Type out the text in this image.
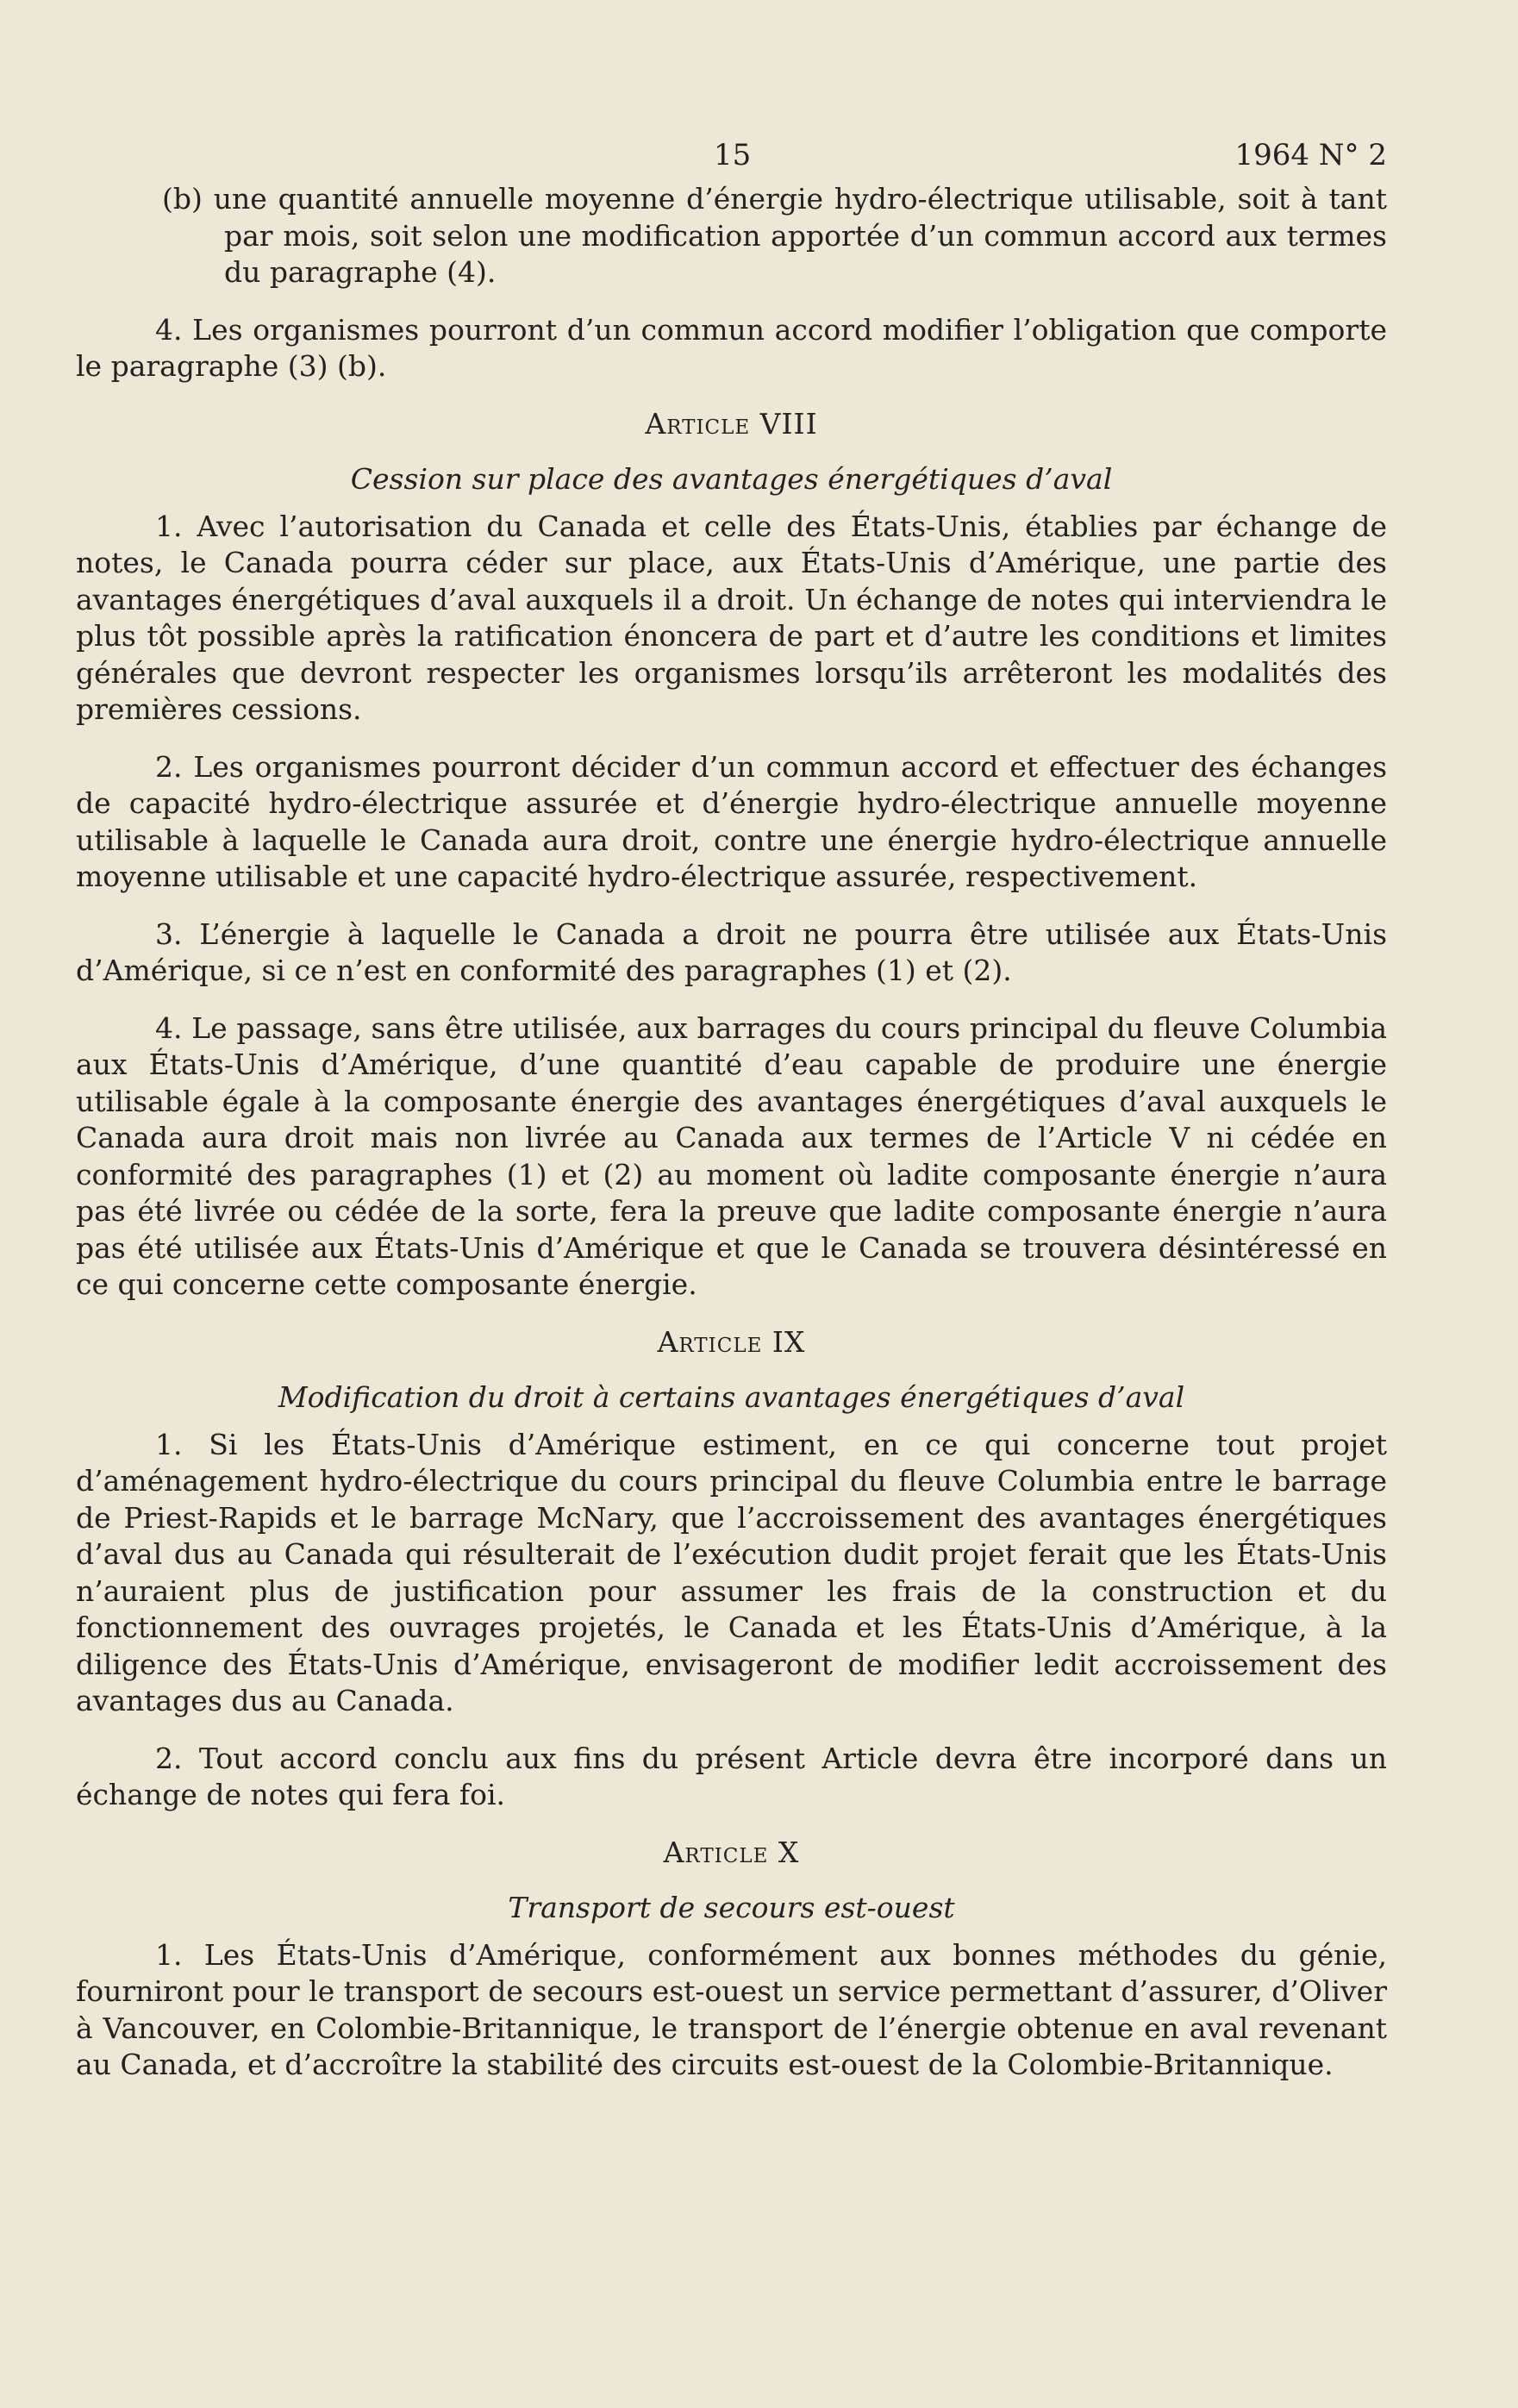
15	1964 N° 2

(b) une quantité annuelle moyenne d’énergie hydro-électrique utilisable, soit à tant par mois, soit selon une modification apportée d’un commun accord aux termes du paragraphe (4).

4. Les organismes pourront d’un commun accord modifier l’obligation que comporte le paragraphe (3) (b).

Article VIII
Cession sur place des avantages énergétiques d’aval

1. Avec l’autorisation du Canada et celle des États-Unis, établies par échange de notes, le Canada pourra céder sur place, aux États-Unis d’Amérique, une partie des avantages énergétiques d’aval auxquels il a droit. Un échange de notes qui interviendra le plus tôt possible après la ratification énoncera de part et d’autre les conditions et limites générales que devront respecter les organismes lorsqu’ils arrêteront les modalités des premières cessions.

2. Les organismes pourront décider d’un commun accord et effectuer des échanges de capacité hydro-électrique assurée et d’énergie hydro-électrique annuelle moyenne utilisable à laquelle le Canada aura droit, contre une énergie hydro-électrique annuelle moyenne utilisable et une capacité hydro-électrique assurée, respectivement.

3. L’énergie à laquelle le Canada a droit ne pourra être utilisée aux États-Unis d’Amérique, si ce n’est en conformité des paragraphes (1) et (2).

4. Le passage, sans être utilisée, aux barrages du cours principal du fleuve Columbia aux États-Unis d’Amérique, d’une quantité d’eau capable de produire une énergie utilisable égale à la composante énergie des avantages énergétiques d’aval auxquels le Canada aura droit mais non livrée au Canada aux termes de l’Article V ni cédée en conformité des paragraphes (1) et (2) au moment où ladite composante énergie n’aura pas été livrée ou cédée de la sorte, fera la preuve que ladite composante énergie n’aura pas été utilisée aux États-Unis d’Amérique et que le Canada se trouvera désintéressé en ce qui concerne cette composante énergie.

Article IX
Modification du droit à certains avantages énergétiques d’aval

1. Si les États-Unis d’Amérique estiment, en ce qui concerne tout projet d’aménagement hydro-électrique du cours principal du fleuve Columbia entre le barrage de Priest-Rapids et le barrage McNary, que l’accroissement des avantages énergétiques d’aval dus au Canada qui résulterait de l’exécution dudit projet ferait que les États-Unis n’auraient plus de justification pour assumer les frais de la construction et du fonctionnement des ouvrages projetés, le Canada et les États-Unis d’Amérique, à la diligence des États-Unis d’Amérique, envisageront de modifier ledit accroissement des avantages dus au Canada.

2. Tout accord conclu aux fins du présent Article devra être incorporé dans un échange de notes qui fera foi.

Article X
Transport de secours est-ouest

1. Les États-Unis d’Amérique, conformément aux bonnes méthodes du génie, fourniront pour le transport de secours est-ouest un service permettant d’assurer, d’Oliver à Vancouver, en Colombie-Britannique, le transport de l’énergie obtenue en aval revenant au Canada, et d’accroître la stabilité des circuits est-ouest de la Colombie-Britannique.
